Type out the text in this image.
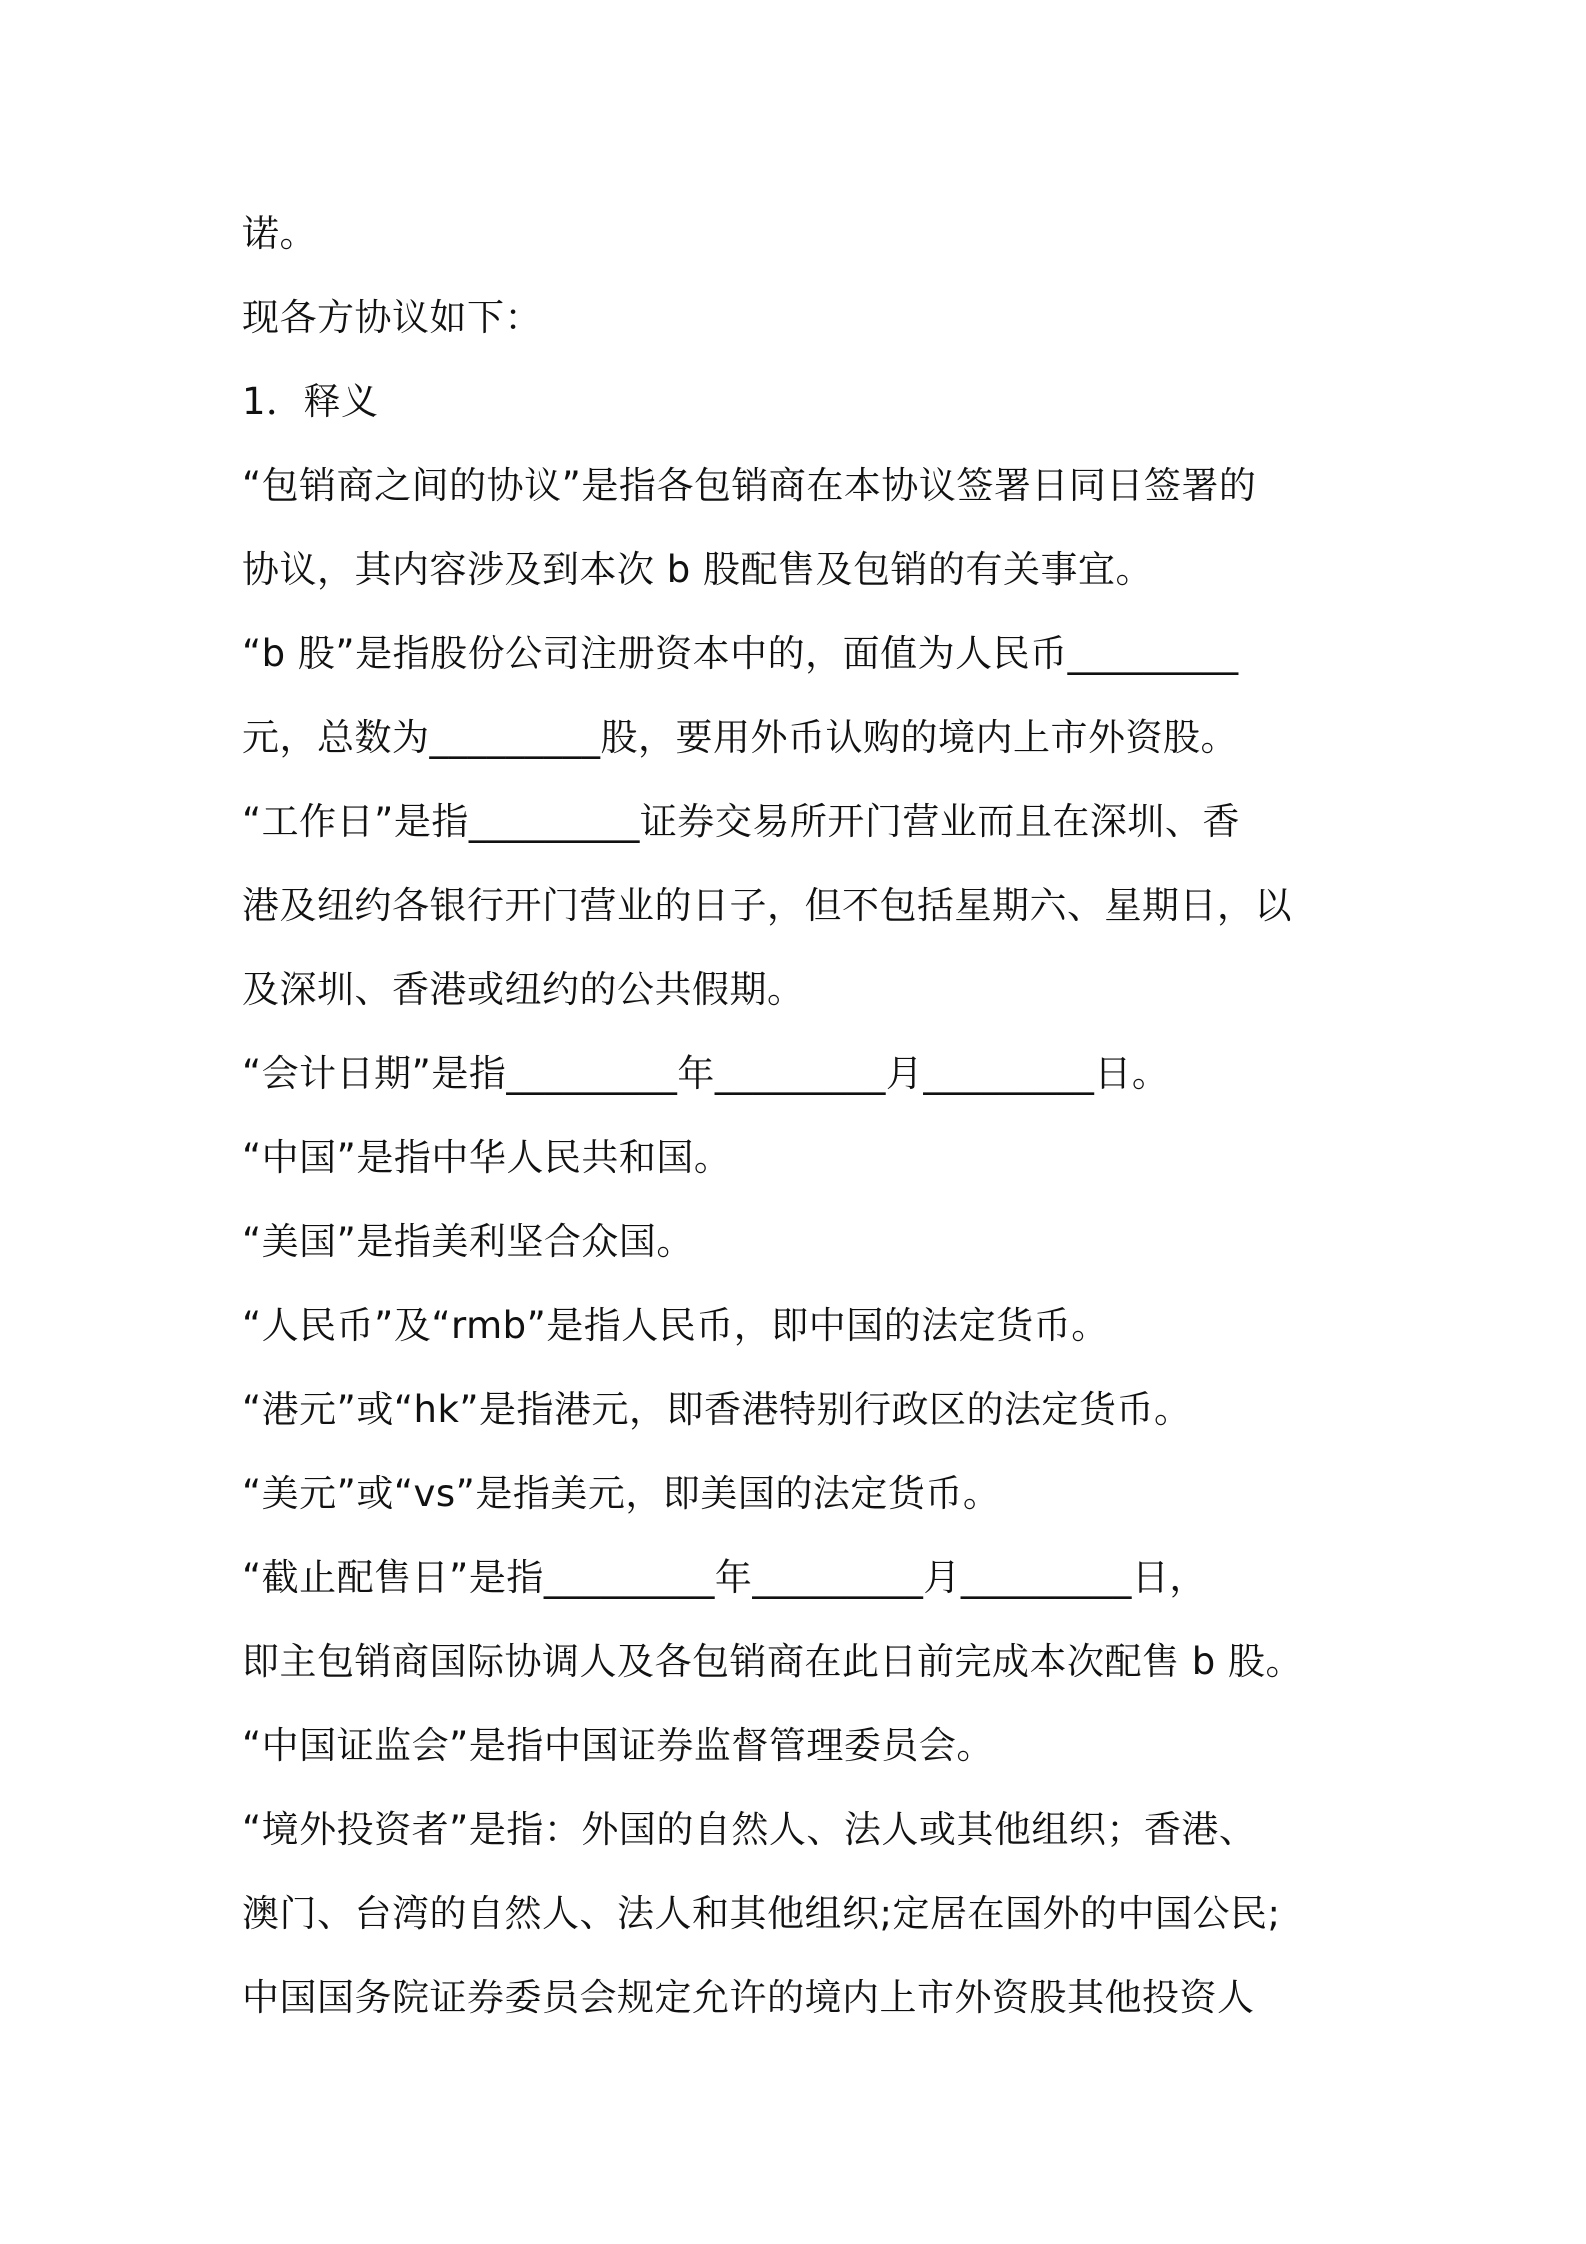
诺。
现各方协议如下：
1．释义
“包销商之间的协议”是指各包销商在本协议签署日同日签署的
协议，其内容涉及到本次 b 股配售及包销的有关事宜。
“b 股”是指股份公司注册资本中的，面值为人民币_________
元，总数为_________股，要用外币认购的境内上市外资股。
“工作日”是指_________证券交易所开门营业而且在深圳、香
港及纽约各银行开门营业的日子，但不包括星期六、星期日，以
及深圳、香港或纽约的公共假期。
“会计日期”是指_________年_________月_________日。
“中国”是指中华人民共和国。
“美国”是指美利坚合众国。
“人民币”及“rmb”是指人民币，即中国的法定货币。
“港元”或“hk”是指港元，即香港特别行政区的法定货币。
“美元”或“vs”是指美元，即美国的法定货币。
“截止配售日”是指_________年_________月_________日，
即主包销商国际协调人及各包销商在此日前完成本次配售 b 股。
“中国证监会”是指中国证券监督管理委员会。
“境外投资者”是指：外国的自然人、法人或其他组织；香港、
澳门、台湾的自然人、法人和其他组织;定居在国外的中国公民;
中国国务院证券委员会规定允许的境内上市外资股其他投资人
